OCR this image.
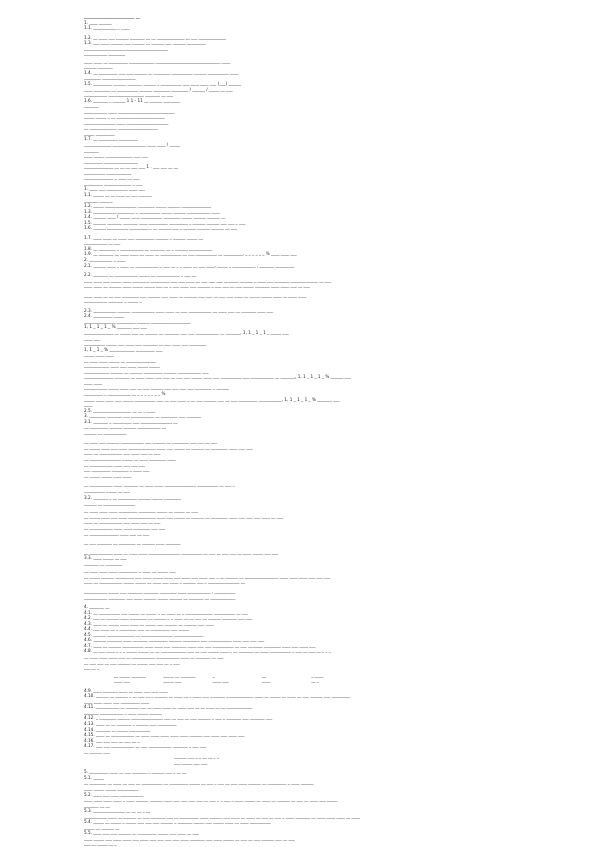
________________________ __
1. ____ ______
1.1. ___________ _ ____
1.2. __ ____ ___ ______ _______ __ __ _____________ __ ___ _____________
1.3. ___ ____ ______ ___ ______ __ ______ ___ ______ _________
________________________________________
___________ ________
____ ____ __ _________ ____________ _______________________________ ____
______ _______
1.4. __ _________ ___ ___ ______ __ ________ __________ ______ __________ ____
________ ________________
1.5. _________ ______ _______ ______ _ __________ ___ ____ ____ ___ (___) ______
____ ________ __ __________ ______ ________ ________ / ______ / _____ __ ___
___________ _________________ _______ __ ___
1.6. _______ _ ______ 1 1 - 11 __ ______ ________
_______
___________ ____ ___________________________
_____ _____ _ __ _______________________
_______________ ____ ____________________
__ _____________ ___________________
_____ _________
1.7. __ _________ _________
_____________ ________________ ____ ____ / _____
_______
____ _____ _____________ ___ ___
_________ ________________
______________ __ __ __ ___ ___ 1 . ___ ___ __ __
__________ ____________
______________ _ ____ __ ___
_________ _____________ _ ___
1. ____ ___ __________ ____ ___
1.1. _____ __ __ ____ __ ___ ______
_______ ______
1.2. _____ _______________ ________ _____ ______ ______________
1.3. ___________ ________ _ __________ _____ ______ ___________ ____
1.4. ______ ____ / _____ ____ __________ ________ _____ ______ ______ __
1.5. ______ _______ _______ ____ _________ _________ _ ______ ______ ___ ___ _ ___
1.6. ______ __________ _________ _ __ ______ ___ _ ______ ______ ______ __ ___
1.7. ____ ____ __ ____ ___ _________ ______ _ ______ _____ __
___________ __ ___
1.8. __ ________ _ ___________ __ _______ __ _ ______ ___________
1.9. __ _______ __ ____ ____ __ ____ __ __________ __ ___ __________ __ _________, _ _ _ _ _ _ % ____ ____ ___
2. ___________ _ ____
2.1. ______ ____ _ ____ __ ___________ _ ___ __ _ _ ____ __ ___ ____, _____ _ ___________ , _______ _________
2.2. _______ __ ___________ _____ __ ___________ _ ___ __
____ ____ ___ _____ ____ ________ _________ ___ ___ ____ __ ___ ___ ___ _______ ______ _ ____ ___ _______ _____________ __ ___
____ ____ __ ______ ____ _____ _____ ___ __ _ ___ ____ ___ ______ _ ___ ___ __ ___ _____ _______ ____ ____ ___ __ ___
____ ____ __ __ ___ ________ ___ ______ ___ ____ __ ______ ___ ___ __ ___ ___ ____ __ _____ _____ ____ __ ____ ____
___________ _______ _ _____ _
2.3. ___________ ______ ___________ ____ ____ __ ___ ___________ __ ____ ___ __ _______ ____ ___
2.4. _________ _____
_______________ _________ ______ ___________________
1, 1 _ 1 _ 1 _ % _______ ___ ___
______________ __ _____ ___ __ ______ __ _______ ___ ___ ___________ __ _______, 1, 1 _ 1 _ 1 _ _____ ___
____ ___
__________ _____ ___ ____ ___ _______ __ ___ ____ ___ ________
1, 1 _ 1 _ % ____________ _________ ___
_____ ____ ____
__ ____ ____ _____ __ ______________
____________ ____ ___ ____ _____ _____
____________ ______ __ ______ _________ ______ ___________ ___
______________ _______ __ ____ ____ ___ ___ __ ___ ___ _____ ____ ___ __________ ___ ___________ __ _______, 1, 1 _ 1 _ 1 _ % ______ ___
____ ____
___________ _____ ____ ___ __ ___ ______ ___ ___ ___ ___ ________ _ ______
_________ _ ___________ __ _ _ _ _ _ _ _ %
_____ ____ ____ ___ _____ __________ ___ __ ___ ____ _ __ ___ ______ ___ __ ___ _________ ___________, 1, 1 _ 1 _ 1 _ % _______ ___
____
2.5. __________________ __ __ _ ____
3. ________ _______ ___ ___________ __ ________ ___ _______
3.1. _______ _ _________ ___ _______________ __
__ _________ ______ ______ ___________ __
______ __ ___________
__ ____ ___ ______ ___________ ___ ______ __ ________ ___ ___ __ ___
__ _____ ____ ___ ____ _____________ ____ ___ _____ __ ______ __ ________ ____ ___ ___
____ __ ___________ ___ ____ ___ __ ___
__ _______________ _____ __ ____ ________ ____
__ ___________ ____ ___ ___ ___
___ _________ ________ _ ____ ___
__ _____ _____ ____ ____
__ ___________ ____ _______ __ ____ ____ _______________ __________ __ ___ _
__________ _____ __ ___
3.2. _______ _ __ _________ ______ _____ ________
______ __ _______________
__ ____ ____ ____ _________ ________ _____ __ _____ __ ___
__ _____ ____ ___ ____ _____________ ____ ___ _____ __ ______ __ ________ ____ ___ ___ ___ ____ __ ___
____ __ ___________ ___ ____ ___ __ ___
__ ___________ ____ ____ ________ ___ ___
__ ______________ ____ ___ __ ___
__ ___ _______ __ ________ __ ______ ____ _______
__ ___________ ____ __ ____ ____ _______________ __________ __ ___ __ ___ ___ __ ____ _____ ___ ___
3.3. ____ _____ __ ___
_______ __ ________
__ ____ ____ ____ _________ _ ____ __ _____ ___
__ _____ ______ _________ ___ ____ _____ ____ ___ ____ ___ ____ ___ _ __ ______ __ ________________ ____ ____ ____ ___ ___ ___
____ __ ___________ _____ _____ __ ____ ___ ____ _ ______ ___ _ _______________ __
___________ _____ ___ _______ _______ ________ ____ ___________ , __________
___________ ________ ___ ____ ______ _____ ______ __ _______ __ ____________
4. _______ __
4.1. __ __________ ___ _____ __ _____ _ __ ____ __ _ _____________ __________ __ ___
4.2. ___ __ ______ ____ ________ __ ______ _ _ ____ __ __ ___ __ ______ _______ ___ ___
4.3. ____ __ _____ ____ ____ __ _____ ___ ______ __ ______ ___ ____
4.4. ___ ____ __ _ ________ ___ __ _________ ___ _____
4.5. ______ _____________ __ _______________ ______________
4.6. ______ _______ ____ _______ _________ ______ ________ ___ ___________ ____ ___ ___ ___
4.7. ____ __ ______ __________ ____ ____ ___ _______ ____ ___ ___ __________ __ ___ _______ ________ ____ ___ ____ ___
4.8. __ ___ ____ _ _ _ _____ _____ __ __ ____________ ___ __ ___ _____ ____ _ __ _______ __ ____ __________ _ ___ __ ___ __ _ _ _
__ ____ ____ ____ ___ __ ___________ ___________ ____ __ _______ __ ___
__ ___ ___ __ ___ ______ __ _____ ___ ___ __ _ ___
___ __ _
__ _____ _______	_____ __ _______	_	__	_ ____
____ ___	_____ ___	____ ___	____	__ _
4.9. ____ _______ ____ __ ____ ___ ___ ____
4.10. ______ __ ______ _ __ ___ __ _ ______ __ ____ __ _ ____ ___ _______ _____________ ____ __ _____ __ ____ __ ___ ______ ___ _________
____ ____ ____ ___ _________ ____
4.11. ___________ __ ______ ___ __ ____ ____ __ ____ ___ __ __ ____ __ __ ____________
_______ ___________ _ ____ _____ ______
4.12. _ ________ ______ _______________ ___ __ ___ __ ___ ______ _ ___ _ _______ ___ _______ ___
4.13. ____ __ __ _______ _ ______ ___ _________
4.14. _______ __ _____ __________
4.15. ____ __ ___________ __ ____ ____ ____ ____ ____ ______ ___ ____ ___ ____ ___
4.16. ___ ___ ___ __ ___ __ _
4.17. ___ ___ ___________ __ ___ ___________ _______ _ ___ ___
__ ______ ___
______ ___ _ _ __ __ _ _
___ _____ ___ ___
5. _________ ____ __ ___ _______ _ ______ ___ _ __ __
5.1. _____
__ ________ __ ____ __ ___ __ __________ __ _________ _____ __ ___ _ ___ __ ___ ____ ______ __ _________ _ ____ ______
____ _____ _____ __________
5.2. ____ ___ ____ ___________
____ ____ ____ ____ _ ____ ______ ______ ____ ___ ___ ___ ___ __ ___ _ _ ___ _ ____ _____ __ ____ __ ______ __ ___ __ ____ ___ _____
_______ __ __
5.3. _______________ __ __ __ _ __
___________ ____ __ ______ __ ___ _______ ___ __ _________ ____ ______ ___ ____ __ ____ __ ___ __ ___ _ ____ _______ __ ____ ____ ____ __ ____
5.4. _____ __ _____ _ _____ ___ ___ ___ ______ _ _______ _____ ___ _____ ____ __ ____ __________
_____ __ ______ __
5.5. ____ ___ ___ ______ __ _________ _____ ___ ____ __ ___
____ _____ ___ ____ ____ ___ ____ ___ ___ ___ ___ ____ _______ ___ ____ _____ __ ___ __ ___ ______ ___ __ ___
___ __ _____ __ _
